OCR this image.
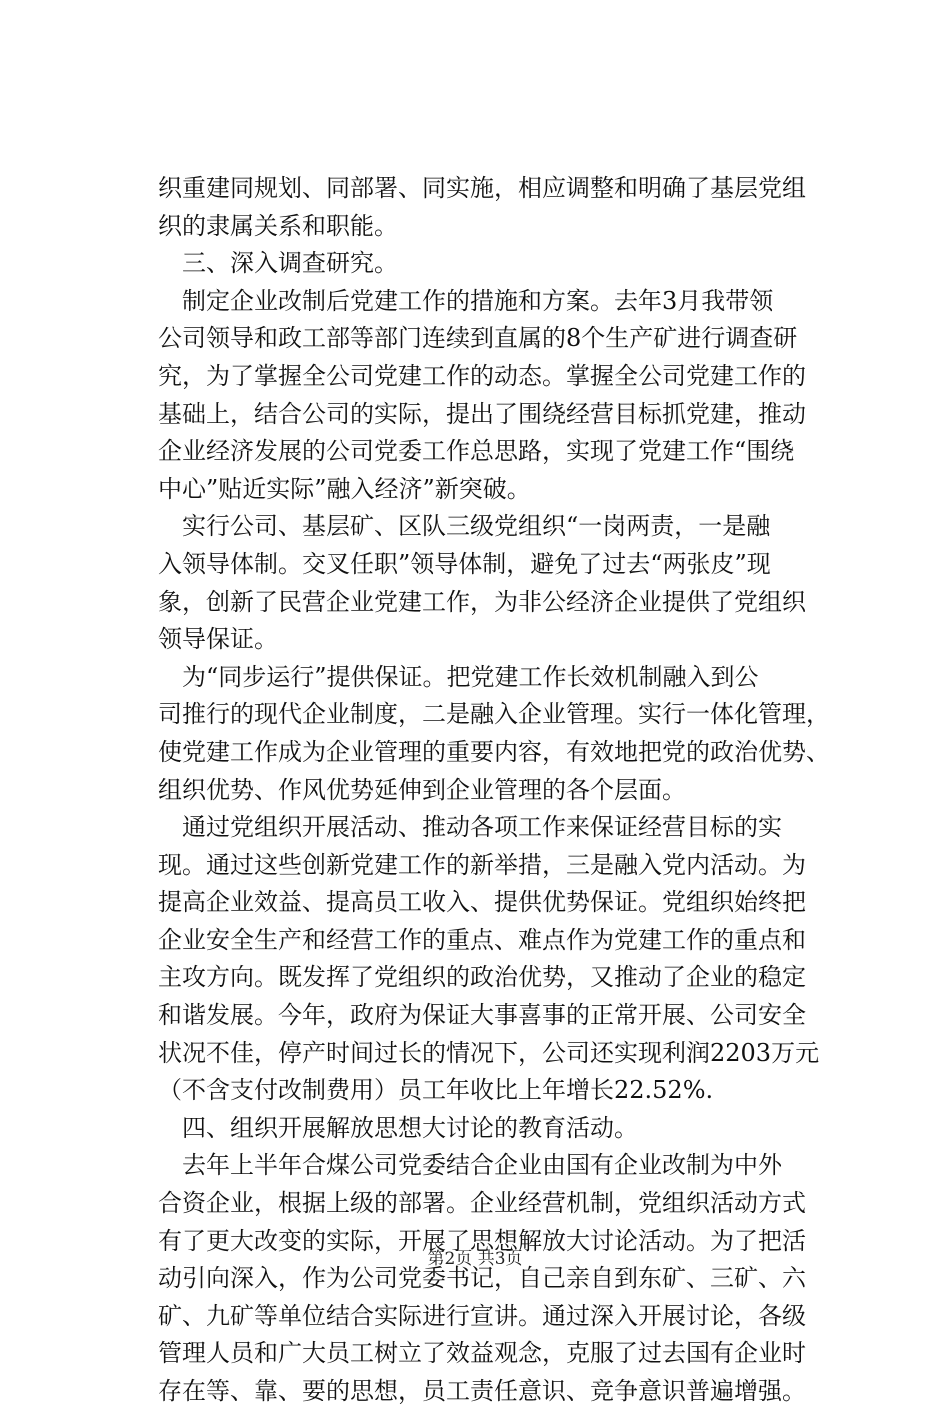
织重建同规划、同部署、同实施，相应调整和明确了基层党组
织的隶属关系和职能。
三、深入调查研究。
制定企业改制后党建工作的措施和方案。去年3月我带领
公司领导和政工部等部门连续到直属的8个生产矿进行调查研
究，为了掌握全公司党建工作的动态。掌握全公司党建工作的
基础上，结合公司的实际，提出了围绕经营目标抓党建，推动
企业经济发展的公司党委工作总思路，实现了党建工作“围绕
中心”贴近实际”融入经济”新突破。
实行公司、基层矿、区队三级党组织“一岗两责，一是融
入领导体制。交叉任职”领导体制，避免了过去“两张皮”现
象，创新了民营企业党建工作，为非公经济企业提供了党组织
领导保证。
为“同步运行”提供保证。把党建工作长效机制融入到公
司推行的现代企业制度，二是融入企业管理。实行一体化管理，
使党建工作成为企业管理的重要内容，有效地把党的政治优势、
组织优势、作风优势延伸到企业管理的各个层面。
通过党组织开展活动、推动各项工作来保证经营目标的实
现。通过这些创新党建工作的新举措，三是融入党内活动。为
提高企业效益、提高员工收入、提供优势保证。党组织始终把
企业安全生产和经营工作的重点、难点作为党建工作的重点和
主攻方向。既发挥了党组织的政治优势，又推动了企业的稳定
和谐发展。今年，政府为保证大事喜事的正常开展、公司安全
状况不佳，停产时间过长的情况下，公司还实现利润2203万元
（不含支付改制费用）员工年收比上年增长22.52%.
四、组织开展解放思想大讨论的教育活动。
去年上半年合煤公司党委结合企业由国有企业改制为中外
合资企业，根据上级的部署。企业经营机制，党组织活动方式
有了更大改变的实际，开展了思想解放大讨论活动。为了把活
动引向深入，作为公司党委书记，自己亲自到东矿、三矿、六
矿、九矿等单位结合实际进行宣讲。通过深入开展讨论，各级
管理人员和广大员工树立了效益观念，克服了过去国有企业时
存在等、靠、要的思想，员工责任意识、竞争意识普遍增强。
第2页 共3页
